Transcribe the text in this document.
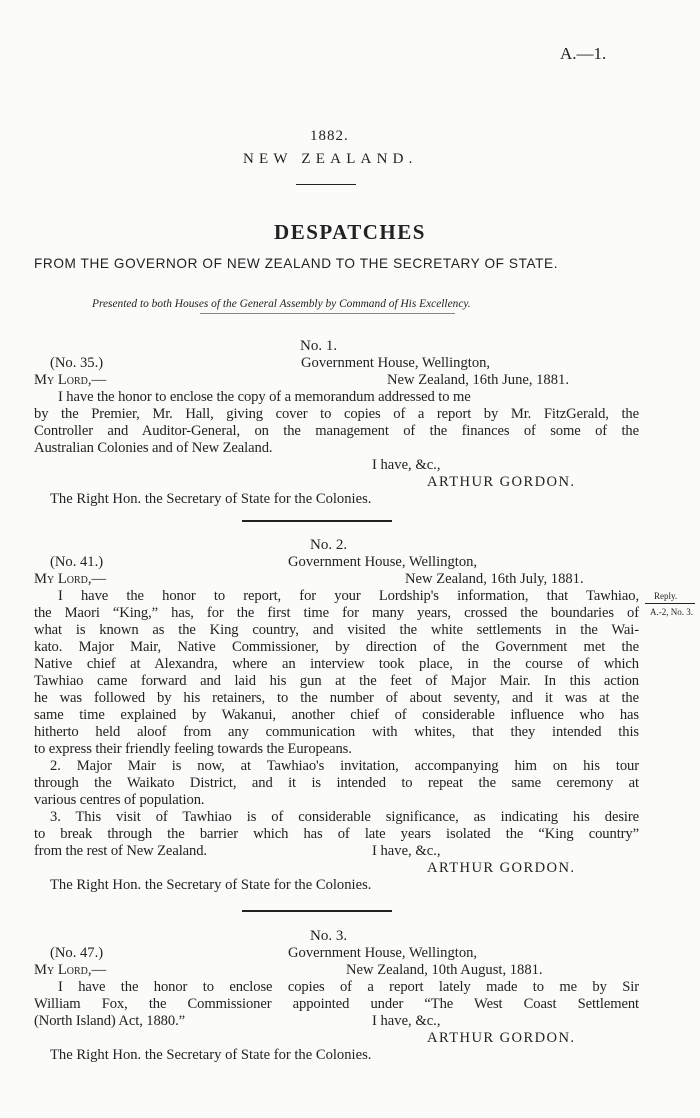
A.—1.
1882.
NEW ZEALAND.
DESPATCHES
FROM THE GOVERNOR OF NEW ZEALAND TO THE SECRETARY OF STATE.
Presented to both Houses of the General Assembly by Command of His Excellency.
No. 1.
(No. 35.)	Government House, Wellington,
My Lord,—	New Zealand, 16th June, 1881.
I have the honor to enclose the copy of a memorandum addressed to me
by the Premier, Mr. Hall, giving cover to copies of a report by Mr. FitzGerald, the
Controller and Auditor-General, on the management of the finances of some of the
Australian Colonies and of New Zealand.
I have, &c.,
ARTHUR GORDON.
The Right Hon. the Secretary of State for the Colonies.
No. 2.
(No. 41.)	Government House, Wellington,
My Lord,—	New Zealand, 16th July, 1881.
I have the honor to report, for your Lordship's information, that Tawhiao,
the Maori “King,” has, for the first time for many years, crossed the boundaries of
what is known as the King country, and visited the white settlements in the Wai-
kato. Major Mair, Native Commissioner, by direction of the Government met the
Native chief at Alexandra, where an interview took place, in the course of which
Tawhiao came forward and laid his gun at the feet of Major Mair. In this action
he was followed by his retainers, to the number of about seventy, and it was at the
same time explained by Wakanui, another chief of considerable influence who has
hitherto held aloof from any communication with whites, that they intended this
to express their friendly feeling towards the Europeans.
2. Major Mair is now, at Tawhiao's invitation, accompanying him on his tour
through the Waikato District, and it is intended to repeat the same ceremony at
various centres of population.
3. This visit of Tawhiao is of considerable significance, as indicating his desire
to break through the barrier which has of late years isolated the “King country”
from the rest of New Zealand.	I have, &c.,
ARTHUR GORDON.
The Right Hon. the Secretary of State for the Colonies.
Reply.
A.-2, No. 3.
No. 3.
(No. 47.)	Government House, Wellington,
My Lord,—	New Zealand, 10th August, 1881.
I have the honor to enclose copies of a report lately made to me by Sir
William Fox, the Commissioner appointed under “The West Coast Settlement
(North Island) Act, 1880.”	I have, &c.,
ARTHUR GORDON.
The Right Hon. the Secretary of State for the Colonies.
